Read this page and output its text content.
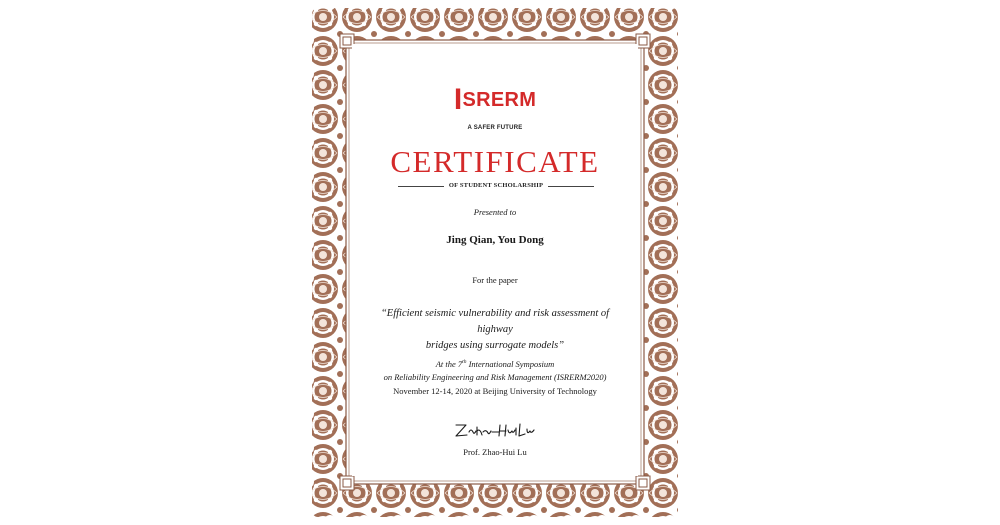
ISRERM
A SAFER FUTURE
CERTIFICATE
OF STUDENT SCHOLARSHIP
Presented to
Jing Qian, You Dong
For the paper
“Efficient seismic vulnerability and risk assessment of highway
bridges using surrogate models”
At the 7th International Symposium
on Reliability Engineering and Risk Management (ISRERM2020)
November 12-14, 2020 at Beijing University of Technology
Prof. Zhao-Hui Lu
